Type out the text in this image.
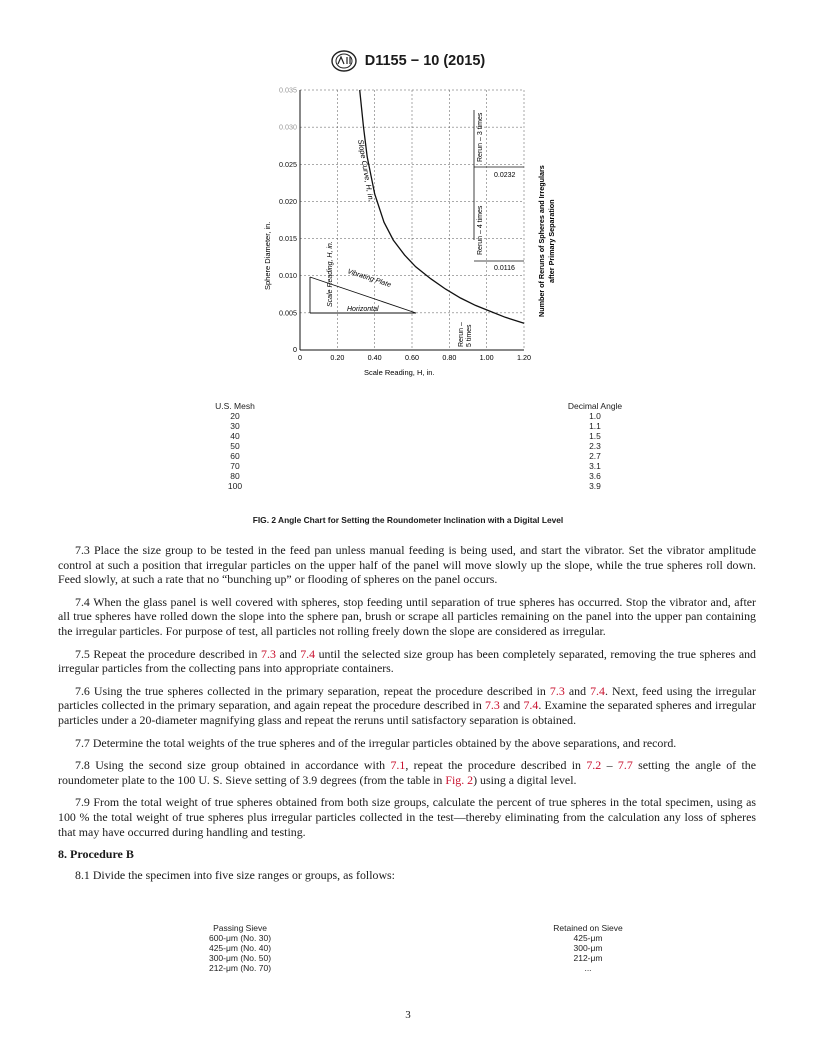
D1155 − 10 (2015)
0.20	0.40	0.60	0.80	1.00	1.20
0
0.005
0.010
0.015
0.020
0.025
0.030
0.035
0
Vibrating Plate
Horizontal
Scale Reading, H, in.
Slope Curve, H, in.
Rerun – 3 times
Rerun – 4 times
Rerun – 5 times
0.0232
0.0116	Number of Reruns of Spheres and Irregulars after Primary Separation
Sphere Diameter, in.
Scale Reading, H, in.
U.S. Mesh		Decimal Angle
20		1.0
30		1.1
40		1.5
50		2.3
60		2.7
70		3.1
80		3.6
100		3.9
FIG. 2 Angle Chart for Setting the Roundometer Inclination with a Digital Level

7.3 Place the size group to be tested in the feed pan unless manual feeding is being used, and start the vibrator. Set the vibrator amplitude control at such a position that irregular particles on the upper half of the panel will move slowly up the slope, while the true spheres roll down. Feed slowly, at such a rate that no “bunching up” or flooding of spheres on the panel occurs.

7.4 When the glass panel is well covered with spheres, stop feeding until separation of true spheres has occurred. Stop the vibrator and, after all true spheres have rolled down the slope into the sphere pan, brush or scrape all particles remaining on the panel into the upper pan containing the irregular particles. For purpose of test, all particles not rolling freely down the slope are considered as irregular.

7.5 Repeat the procedure described in 7.3 and 7.4 until the selected size group has been completely separated, removing the true spheres and irregular particles from the collecting pans into appropriate containers.

7.6 Using the true spheres collected in the primary separation, repeat the procedure described in 7.3 and 7.4. Next, feed using the irregular particles collected in the primary separation, and again repeat the procedure described in 7.3 and 7.4. Examine the separated spheres and irregular particles under a 20-diameter magnifying glass and repeat the reruns until satisfactory separation is obtained.

7.7 Determine the total weights of the true spheres and of the irregular particles obtained by the above separations, and record.

7.8 Using the second size group obtained in accordance with 7.1, repeat the procedure described in 7.2 – 7.7 setting the angle of the roundometer plate to the 100 U. S. Sieve setting of 3.9 degrees (from the table in Fig. 2) using a digital level.

7.9 From the total weight of true spheres obtained from both size groups, calculate the percent of true spheres in the total specimen, using as 100 % the total weight of true spheres plus irregular particles collected in the test—thereby eliminating from the calculation any loss of spheres that may have occurred during handling and testing.

8. Procedure B

8.1 Divide the specimen into five size ranges or groups, as follows:

Passing Sieve		Retained on Sieve
600-μm (No. 30)		425-μm
425-μm (No. 40)		300-μm
300-μm (No. 50)		212-μm
212-μm (No. 70)		...
3
